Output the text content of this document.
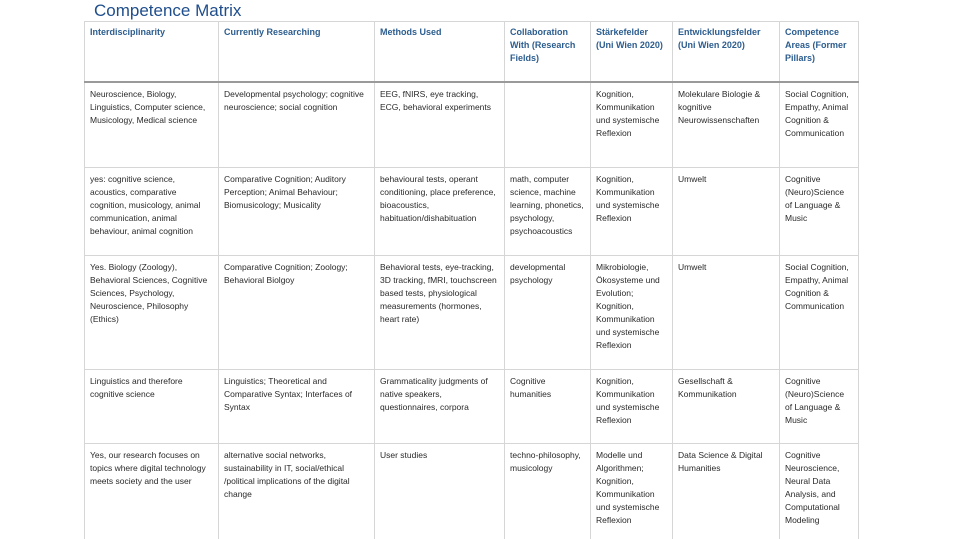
Competence Matrix
Interdisciplinarity	Currently Researching	Methods Used	Collaboration With (Research Fields)	Stärkefelder (Uni Wien 2020)	Entwicklungsfelder (Uni Wien 2020)	Competence Areas (Former Pillars)
Neuroscience, Biology, Linguistics, Computer science, Musicology, Medical science	Developmental psychology; cognitive neuroscience; social cognition	EEG, fNIRS, eye tracking, ECG, behavioral experiments		Kognition, Kommunikation und systemische Reflexion	Molekulare Biologie & kognitive Neurowissenschaften	Social Cognition, Empathy, Animal Cognition & Communication
yes: cognitive science, acoustics, comparative cognition, musicology, animal communication, animal behaviour, animal cognition	Comparative Cognition; Auditory Perception; Animal Behaviour; Biomusicology; Musicality	behavioural tests, operant conditioning, place preference, bioacoustics, habituation/dishabituation	math, computer science, machine learning, phonetics, psychology, psychoacoustics	Kognition, Kommunikation und systemische Reflexion	Umwelt	Cognitive (Neuro)Science of Language & Music
Yes. Biology (Zoology), Behavioral Sciences, Cognitive Sciences, Psychology, Neuroscience, Philosophy (Ethics)	Comparative Cognition; Zoology; Behavioral Biolgoy	Behavioral tests, eye-tracking, 3D tracking, fMRI, touchscreen based tests, physiological measurements (hormones, heart rate)	developmental psychology	Mikrobiologie, Ökosysteme und Evolution; Kognition, Kommunikation und systemische Reflexion	Umwelt	Social Cognition, Empathy, Animal Cognition & Communication
Linguistics and therefore cognitive science	Linguistics; Theoretical and Comparative Syntax; Interfaces of Syntax	Grammaticality judgments of native speakers, questionnaires, corpora	Cognitive humanities	Kognition, Kommunikation und systemische Reflexion	Gesellschaft & Kommunikation	Cognitive (Neuro)Science of Language & Music
Yes, our research focuses on topics where digital technology meets society and the user	alternative social networks, sustainability in IT, social/ethical /political implications of the digital change	User studies	techno-philosophy, musicology	Modelle und Algorithmen; Kognition, Kommunikation und systemische Reflexion	Data Science & Digital Humanities	Cognitive Neuroscience, Neural Data Analysis, and Computational Modeling
